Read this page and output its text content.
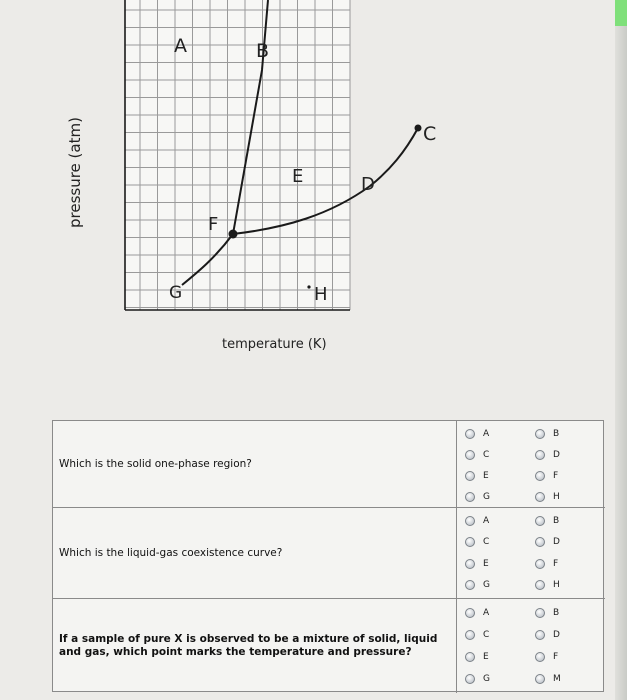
A	B
C
D
E
F
G	H
pressure (atm)
temperature (K)
Which is the solid one-phase region?
A	B
C	D
E	F
G	H
Which is the liquid-gas coexistence curve?
A	B
C	D
E	F
G	H
If a sample of pure X is observed to be a mixture of solid, liquid and gas, which point marks the temperature and pressure?
A	B
C	D
E	F
G	M
